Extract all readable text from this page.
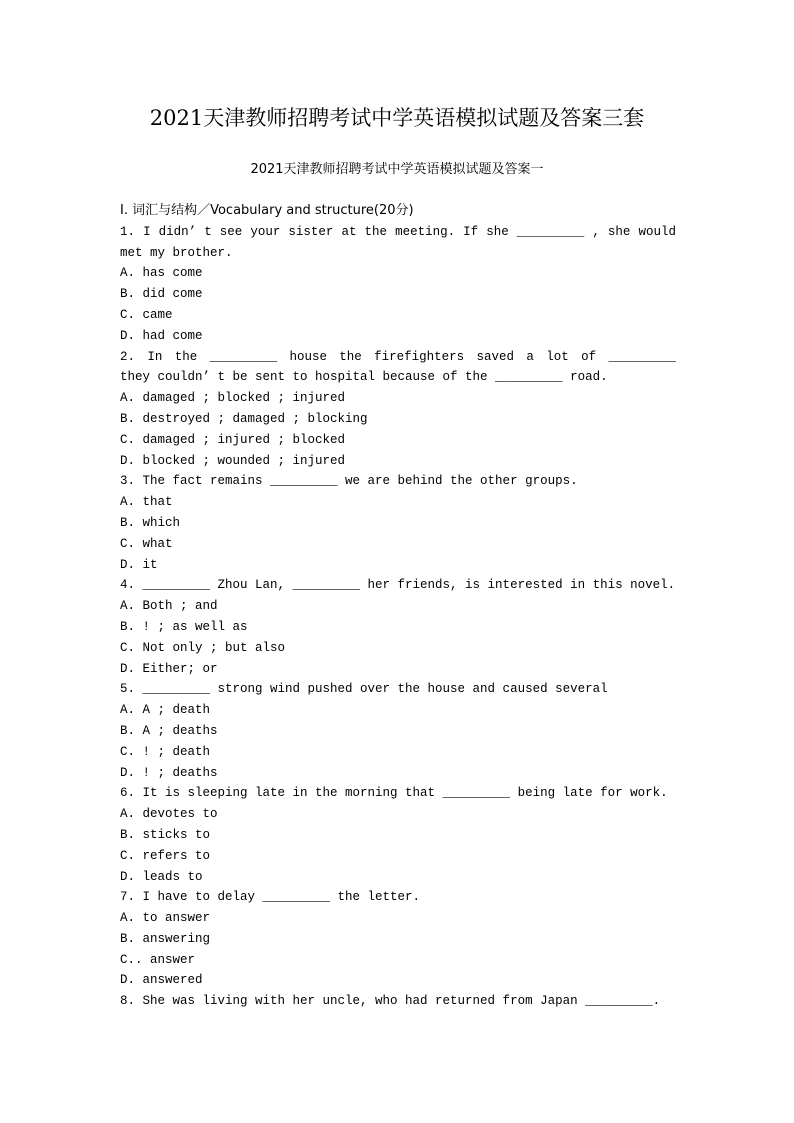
2021天津教师招聘考试中学英语模拟试题及答案三套
2021天津教师招聘考试中学英语模拟试题及答案一
Ⅰ. 词汇与结构／Vocabulary and structure(20分)
1. I didn’ t see your sister at the meeting. If she _________ , she would
met my brother.
A. has come
B. did come
C. came
D. had come
2. In the _________ house the firefighters saved a lot of _________
they couldn’ t be sent to hospital because of the _________ road.
A. damaged ; blocked ; injured
B. destroyed ; damaged ; blocking
C. damaged ; injured ; blocked
D. blocked ; wounded ; injured
3. The fact remains _________ we are behind the other groups.
A. that
B. which
C. what
D. it
4. _________ Zhou Lan, _________ her friends, is interested in this novel.
A. Both ; and
B. ! ; as well as
C. Not only ; but also
D. Either; or
5. _________ strong wind pushed over the house and caused several
A. A ; death
B. A ; deaths
C. ! ; death
D. ! ; deaths
6. It is sleeping late in the morning that _________ being late for work.
A. devotes to
B. sticks to
C. refers to
D. leads to
7. I have to delay _________ the letter.
A. to answer
B. answering
C.. answer
D. answered
8. She was living with her uncle, who had returned from Japan _________.
